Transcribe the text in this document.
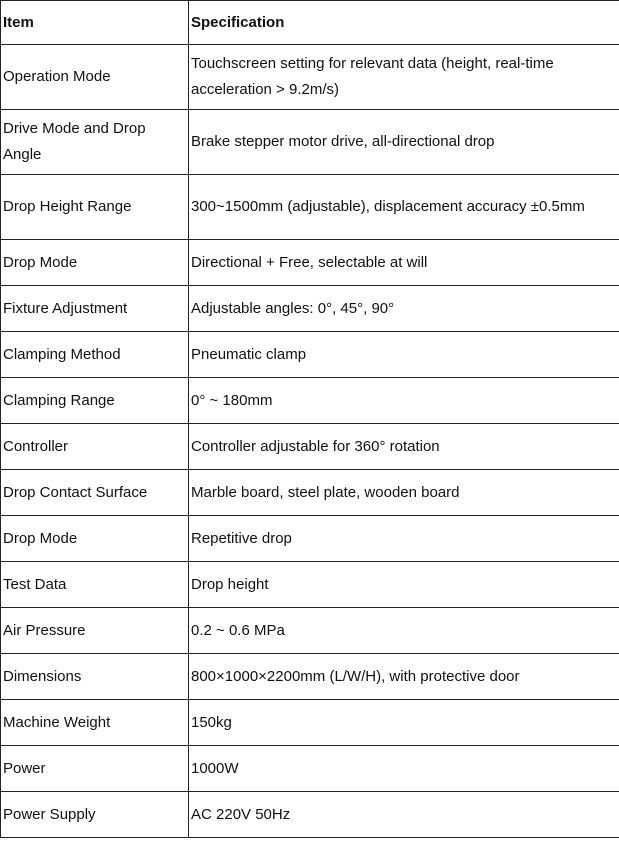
Item	Specification
Operation Mode	Touchscreen setting for relevant data (height, real-time acceleration > 9.2m/s)
Drive Mode and Drop Angle	Brake stepper motor drive, all-directional drop
Drop Height Range	300~1500mm (adjustable), displacement accuracy ±0.5mm
Drop Mode	Directional + Free, selectable at will
Fixture Adjustment	Adjustable angles: 0°, 45°, 90°
Clamping Method	Pneumatic clamp
Clamping Range	0° ~ 180mm
Controller	Controller adjustable for 360° rotation
Drop Contact Surface	Marble board, steel plate, wooden board
Drop Mode	Repetitive drop
Test Data	Drop height
Air Pressure	0.2 ~ 0.6 MPa
Dimensions	800×1000×2200mm (L/W/H), with protective door
Machine Weight	150kg
Power	1000W
Power Supply	AC 220V 50Hz
